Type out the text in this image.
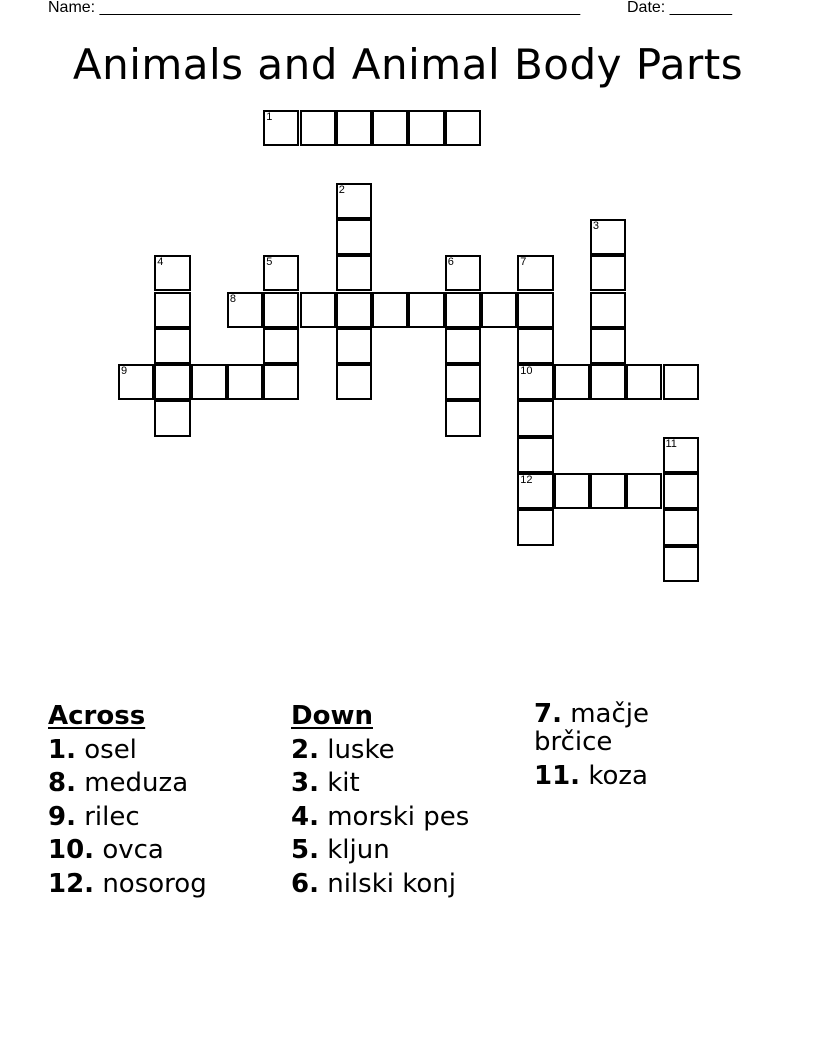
Name: ______________________________________________________	Date: _______
Animals and Animal Body Parts
1
2
3
4	5	6	7
10
12
8
9
11
Across
1. osel
8. meduza
9. rilec
10. ovca
12. nosorog
Down
2. luske
3. kit
4. morski pes
5. kljun
6. nilski konj
7. mačje brčice
11. koza
